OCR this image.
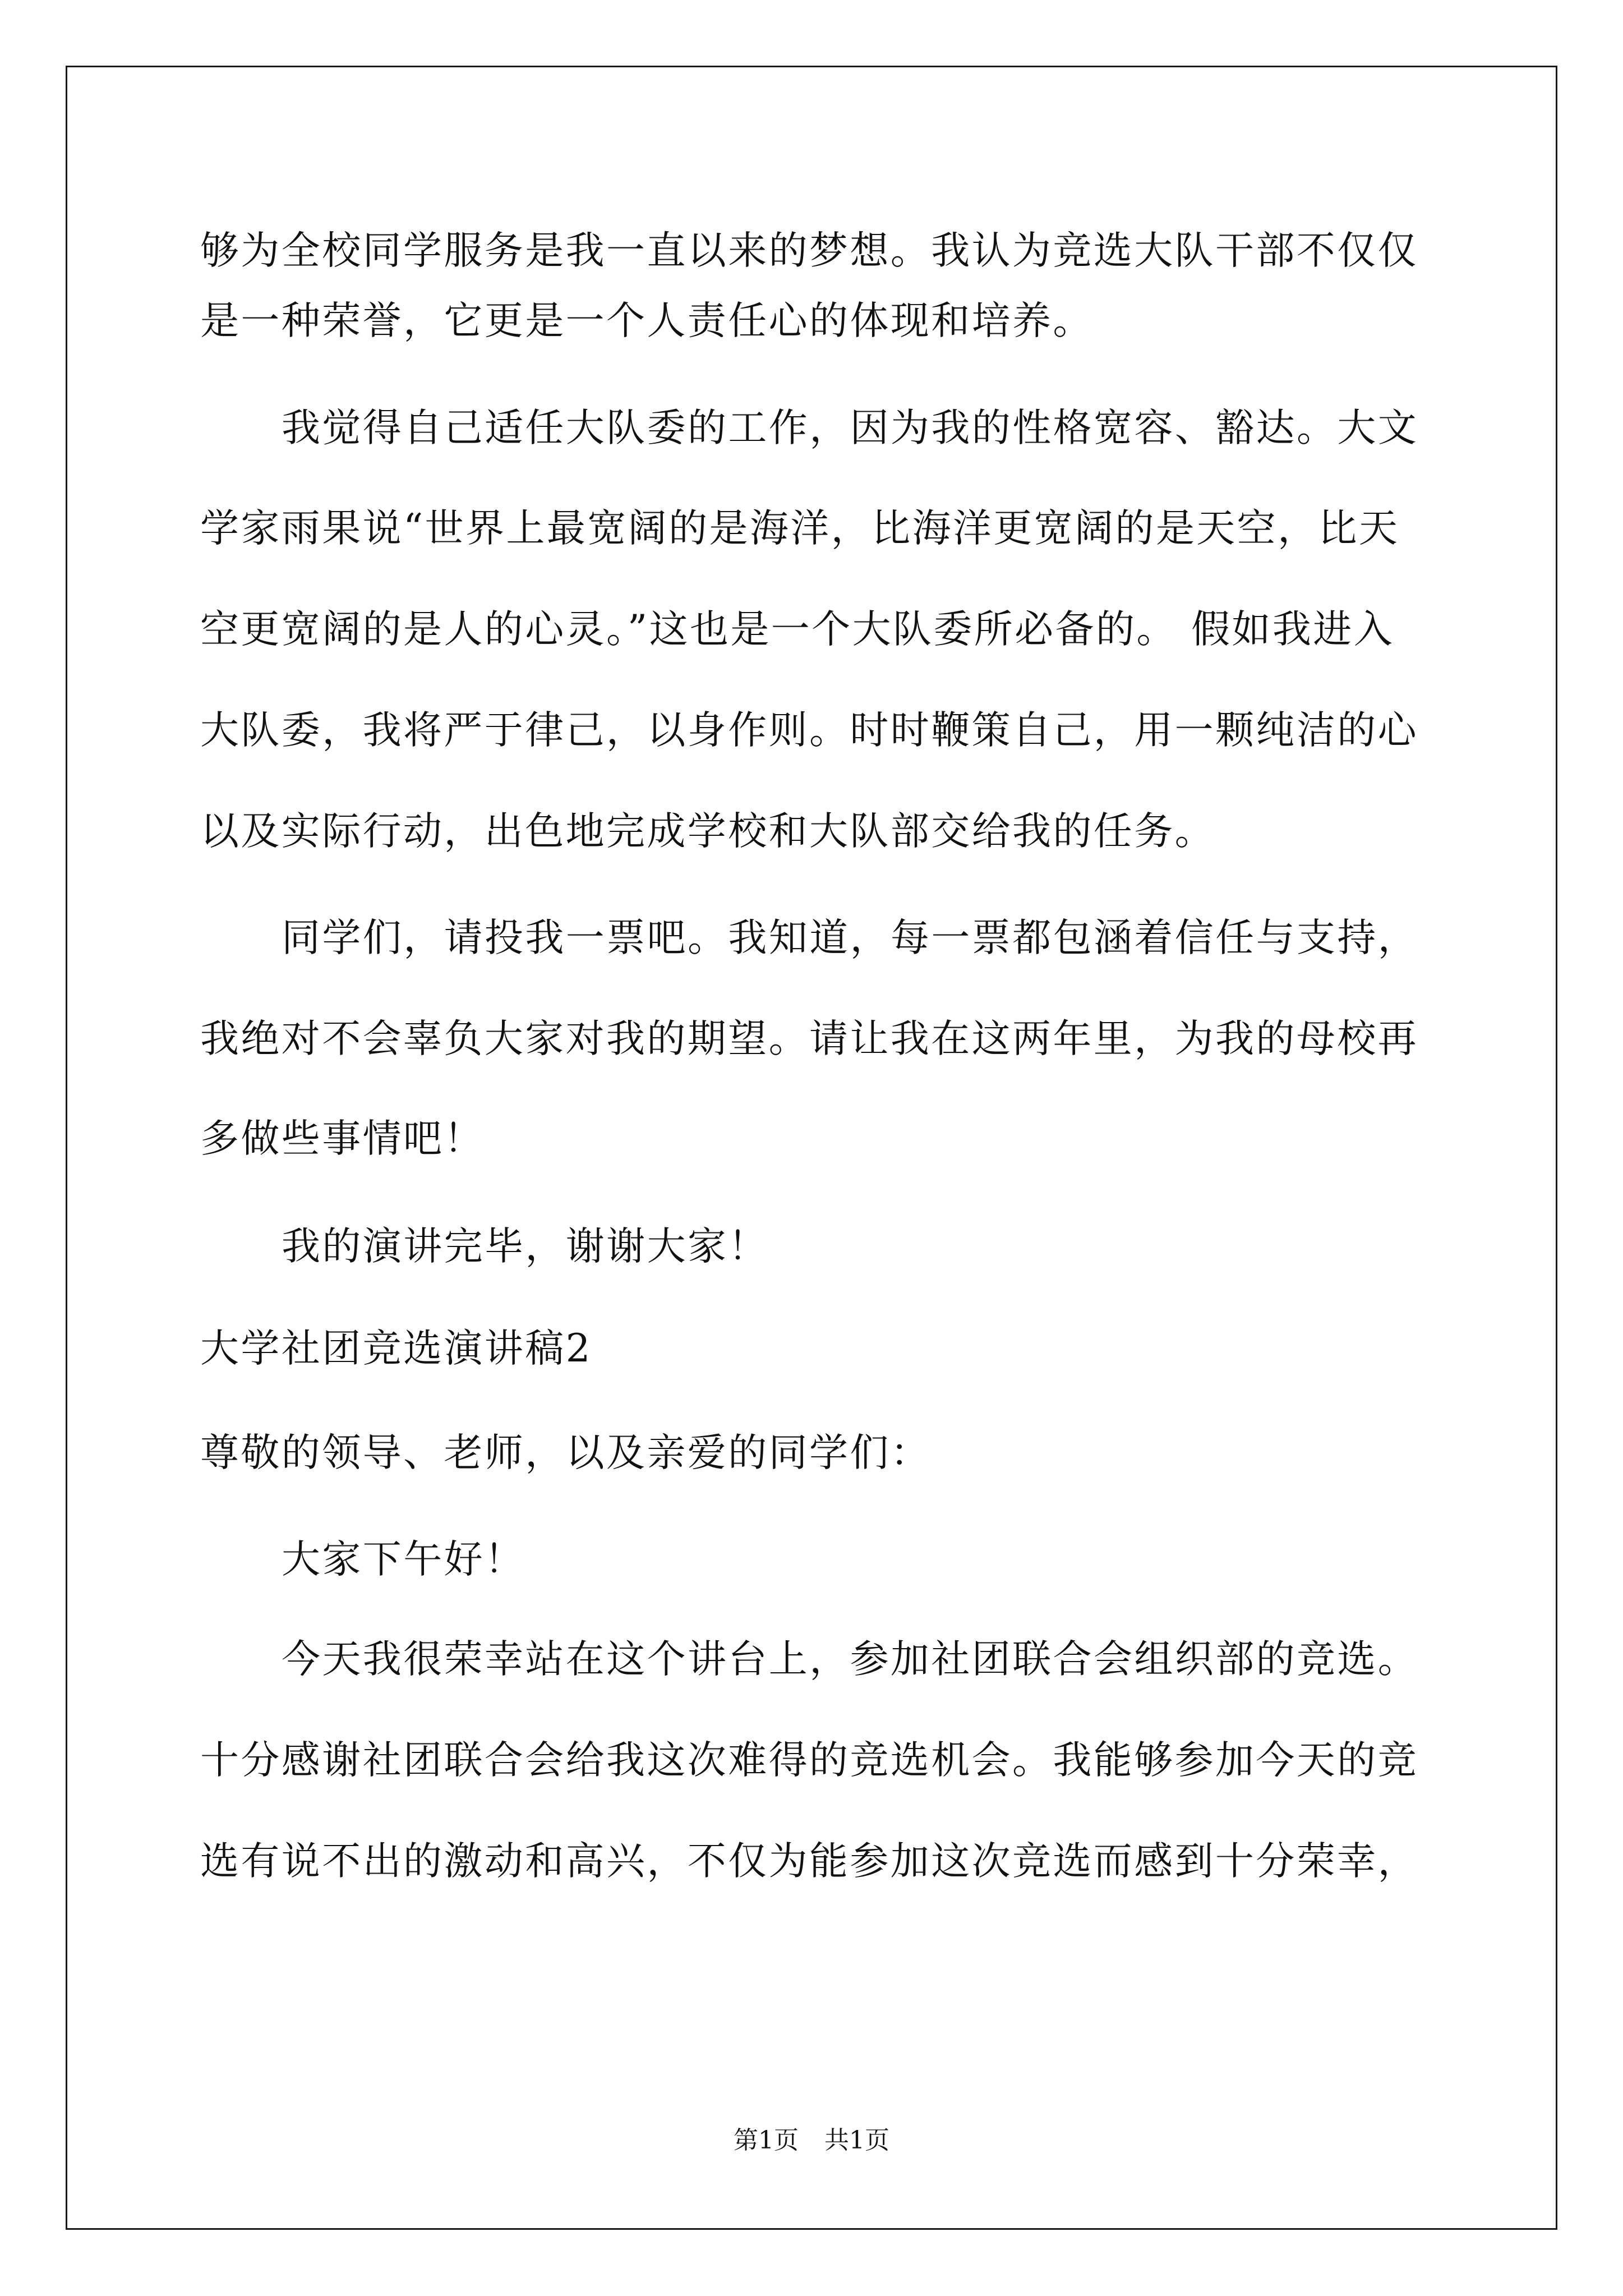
够为全校同学服务是我一直以来的梦想。我认为竞选大队干部不仅仅
是一种荣誉，它更是一个人责任心的体现和培养。
我觉得自己适任大队委的工作，因为我的性格宽容、豁达。大文
学家雨果说“世界上最宽阔的是海洋，比海洋更宽阔的是天空，比天
空更宽阔的是人的心灵。”这也是一个大队委所必备的。 假如我进入
大队委，我将严于律己，以身作则。时时鞭策自己，用一颗纯洁的心
以及实际行动，出色地完成学校和大队部交给我的任务。
同学们，请投我一票吧。我知道，每一票都包涵着信任与支持，
我绝对不会辜负大家对我的期望。请让我在这两年里，为我的母校再
多做些事情吧！
我的演讲完毕，谢谢大家！
大学社团竞选演讲稿2
尊敬的领导、老师，以及亲爱的同学们：
大家下午好！
今天我很荣幸站在这个讲台上，参加社团联合会组织部的竞选。
十分感谢社团联合会给我这次难得的竞选机会。我能够参加今天的竞
选有说不出的激动和高兴，不仅为能参加这次竞选而感到十分荣幸，
第1页 共1页
